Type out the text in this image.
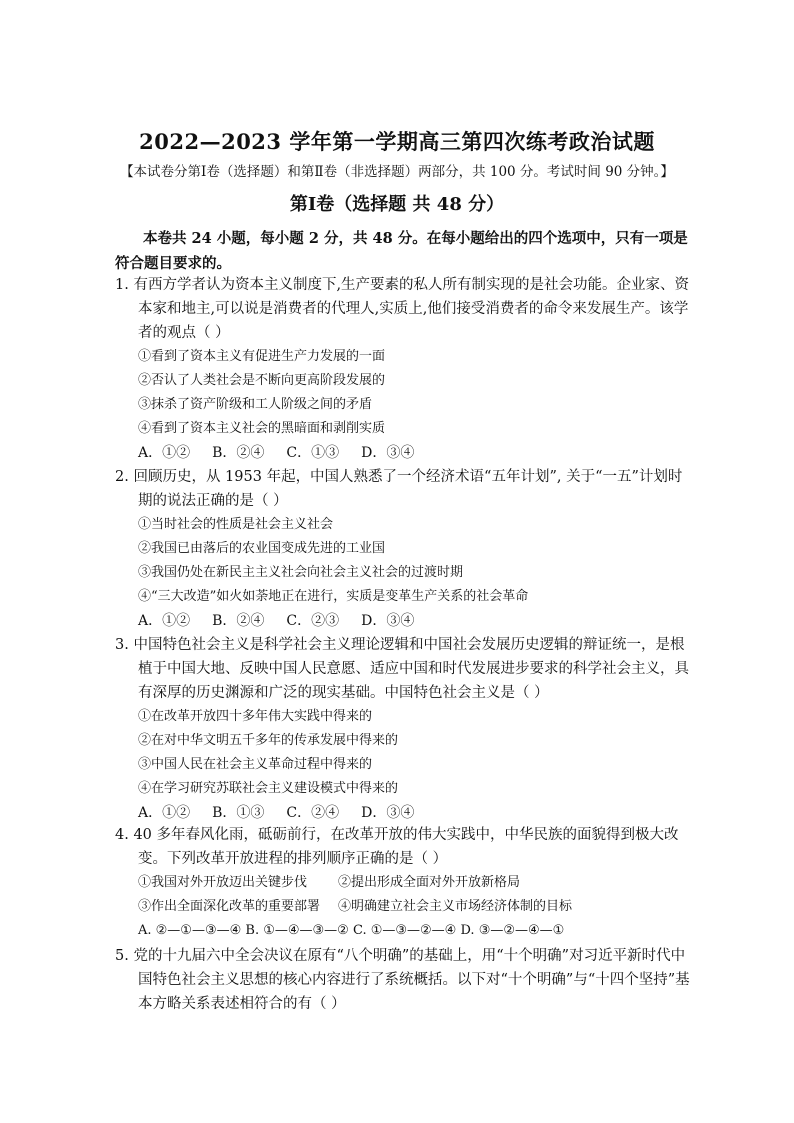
2022—2023 学年第一学期高三第四次练考政治试题
【本试卷分第Ⅰ卷（选择题）和第Ⅱ卷（非选择题）两部分，共 100 分。考试时间 90 分钟。】
第Ⅰ卷（选择题 共 48 分）
本卷共 24 小题，每小题 2 分，共 48 分。在每小题给出的四个选项中，只有一项是符合题目要求的。
1. 有西方学者认为资本主义制度下,生产要素的私人所有制实现的是社会功能。企业家、资本家和地主,可以说是消费者的代理人,实质上,他们接受消费者的命令来发展生产。该学者的观点（ ）
①看到了资本主义有促进生产力发展的一面
②否认了人类社会是不断向更高阶段发展的
③抹杀了资产阶级和工人阶级之间的矛盾
④看到了资本主义社会的黑暗面和剥削实质
A．①② B．②④ C．①③ D．③④
2. 回顾历史，从 1953 年起，中国人熟悉了一个经济术语“五年计划”, 关于“一五”计划时期的说法正确的是（ ）
①当时社会的性质是社会主义社会
②我国已由落后的农业国变成先进的工业国
③我国仍处在新民主主义社会向社会主义社会的过渡时期
④“三大改造”如火如荼地正在进行，实质是变革生产关系的社会革命
A．①② B．②④ C．②③ D．③④
3. 中国特色社会主义是科学社会主义理论逻辑和中国社会发展历史逻辑的辩证统一，是根植于中国大地、反映中国人民意愿、适应中国和时代发展进步要求的科学社会主义，具有深厚的历史渊源和广泛的现实基础。中国特色社会主义是（ ）
①在改革开放四十多年伟大实践中得来的
②在对中华文明五千多年的传承发展中得来的
③中国人民在社会主义革命过程中得来的
④在学习研究苏联社会主义建设模式中得来的
A．①② B．①③ C．②④ D．③④
4. 40 多年春风化雨，砥砺前行，在改革开放的伟大实践中，中华民族的面貌得到极大改变。下列改革开放进程的排列顺序正确的是（ ）
①我国对外开放迈出关键步伐 ②提出形成全面对外开放新格局
③作出全面深化改革的重要部署 ④明确建立社会主义市场经济体制的目标
A. ②—①—③—④ B. ①—④—③—② C. ①—③—②—④ D. ③—②—④—①
5. 党的十九届六中全会决议在原有“八个明确”的基础上，用“十个明确”对习近平新时代中国特色社会主义思想的核心内容进行了系统概括。以下对“十个明确”与“十四个坚持”基本方略关系表述相符合的有（ ）
